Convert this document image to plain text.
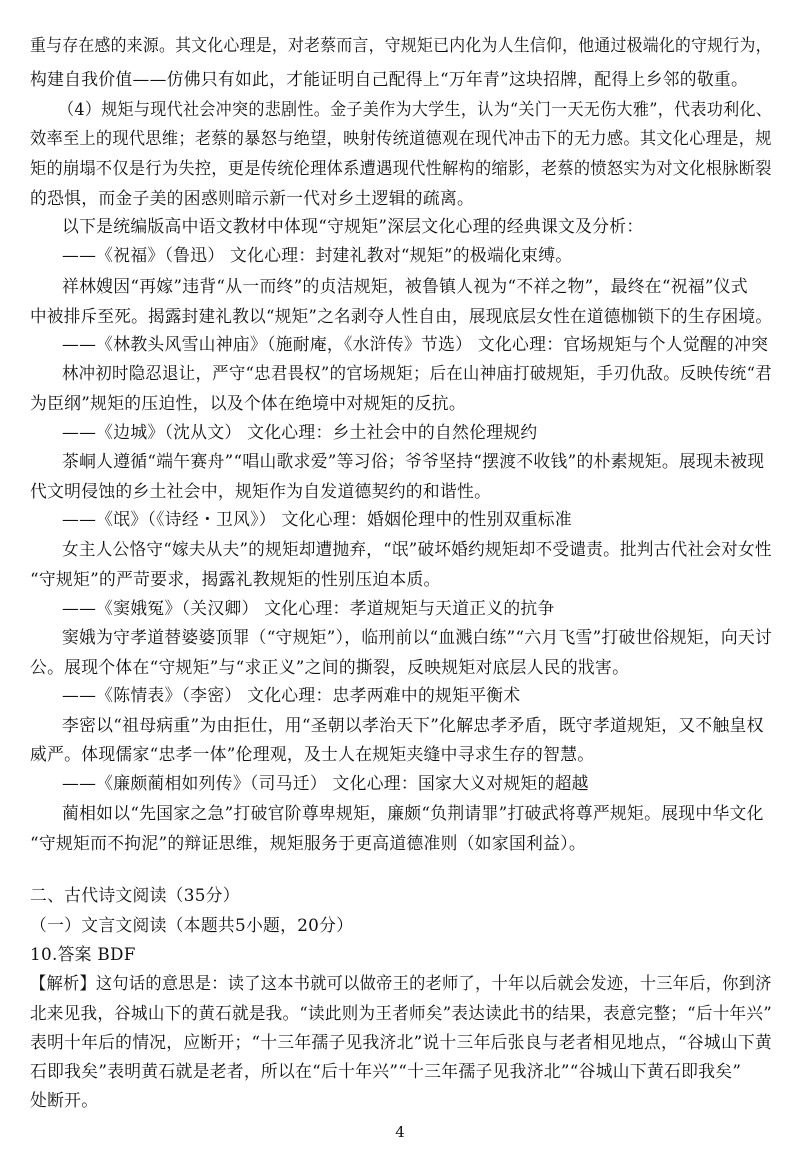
重与存在感的来源。其文化心理是，对老蔡而言，守规矩已内化为人生信仰，他通过极端化的守规行为，
构建自我价值——仿佛只有如此，才能证明自己配得上“万年青”这块招牌，配得上乡邻的敬重。
（4）规矩与现代社会冲突的悲剧性。金子美作为大学生，认为“关门一天无伤大雅”，代表功利化、
效率至上的现代思维；老蔡的暴怒与绝望，映射传统道德观在现代冲击下的无力感。其文化心理是，规
矩的崩塌不仅是行为失控，更是传统伦理体系遭遇现代性解构的缩影，老蔡的愤怒实为对文化根脉断裂
的恐惧，而金子美的困惑则暗示新一代对乡土逻辑的疏离。
以下是统编版高中语文教材中体现“守规矩”深层文化心理的经典课文及分析：
——《祝福》（鲁迅） 文化心理：封建礼教对“规矩”的极端化束缚。
祥林嫂因“再嫁”违背“从一而终”的贞洁规矩，被鲁镇人视为“不祥之物”，最终在“祝福”仪式
中被排斥至死。揭露封建礼教以“规矩”之名剥夺人性自由，展现底层女性在道德枷锁下的生存困境。
——《林教头风雪山神庙》（施耐庵，《水浒传》节选） 文化心理：官场规矩与个人觉醒的冲突
林冲初时隐忍退让，严守“忠君畏权”的官场规矩；后在山神庙打破规矩，手刃仇敌。反映传统“君
为臣纲”规矩的压迫性，以及个体在绝境中对规矩的反抗。
——《边城》（沈从文） 文化心理：乡土社会中的自然伦理规约
茶峒人遵循“端午赛舟”“唱山歌求爱”等习俗；爷爷坚持“摆渡不收钱”的朴素规矩。展现未被现
代文明侵蚀的乡土社会中，规矩作为自发道德契约的和谐性。
——《氓》（《诗经・卫风》） 文化心理：婚姻伦理中的性别双重标准
女主人公恪守“嫁夫从夫”的规矩却遭抛弃，“氓”破坏婚约规矩却不受谴责。批判古代社会对女性
“守规矩”的严苛要求，揭露礼教规矩的性别压迫本质。
——《窦娥冤》（关汉卿） 文化心理：孝道规矩与天道正义的抗争
窦娥为守孝道替婆婆顶罪（“守规矩”），临刑前以“血溅白练”“六月飞雪”打破世俗规矩，向天讨
公。展现个体在“守规矩”与“求正义”之间的撕裂，反映规矩对底层人民的戕害。
——《陈情表》（李密） 文化心理：忠孝两难中的规矩平衡术
李密以“祖母病重”为由拒仕，用“圣朝以孝治天下”化解忠孝矛盾，既守孝道规矩，又不触皇权
威严。体现儒家“忠孝一体”伦理观，及士人在规矩夹缝中寻求生存的智慧。
——《廉颇蔺相如列传》（司马迁） 文化心理：国家大义对规矩的超越
蔺相如以“先国家之急”打破官阶尊卑规矩，廉颇“负荆请罪”打破武将尊严规矩。展现中华文化
“守规矩而不拘泥”的辩证思维，规矩服务于更高道德准则（如家国利益）。
二、古代诗文阅读（35分）
（一）文言文阅读（本题共5小题，20分）
10.答案 BDF
【解析】这句话的意思是：读了这本书就可以做帝王的老师了，十年以后就会发迹，十三年后，你到济
北来见我，谷城山下的黄石就是我。“读此则为王者师矣”表达读此书的结果，表意完整；“后十年兴”
表明十年后的情况，应断开；“十三年孺子见我济北”说十三年后张良与老者相见地点，“谷城山下黄
石即我矣”表明黄石就是老者，所以在“后十年兴”“十三年孺子见我济北”“谷城山下黄石即我矣”
处断开。
4
